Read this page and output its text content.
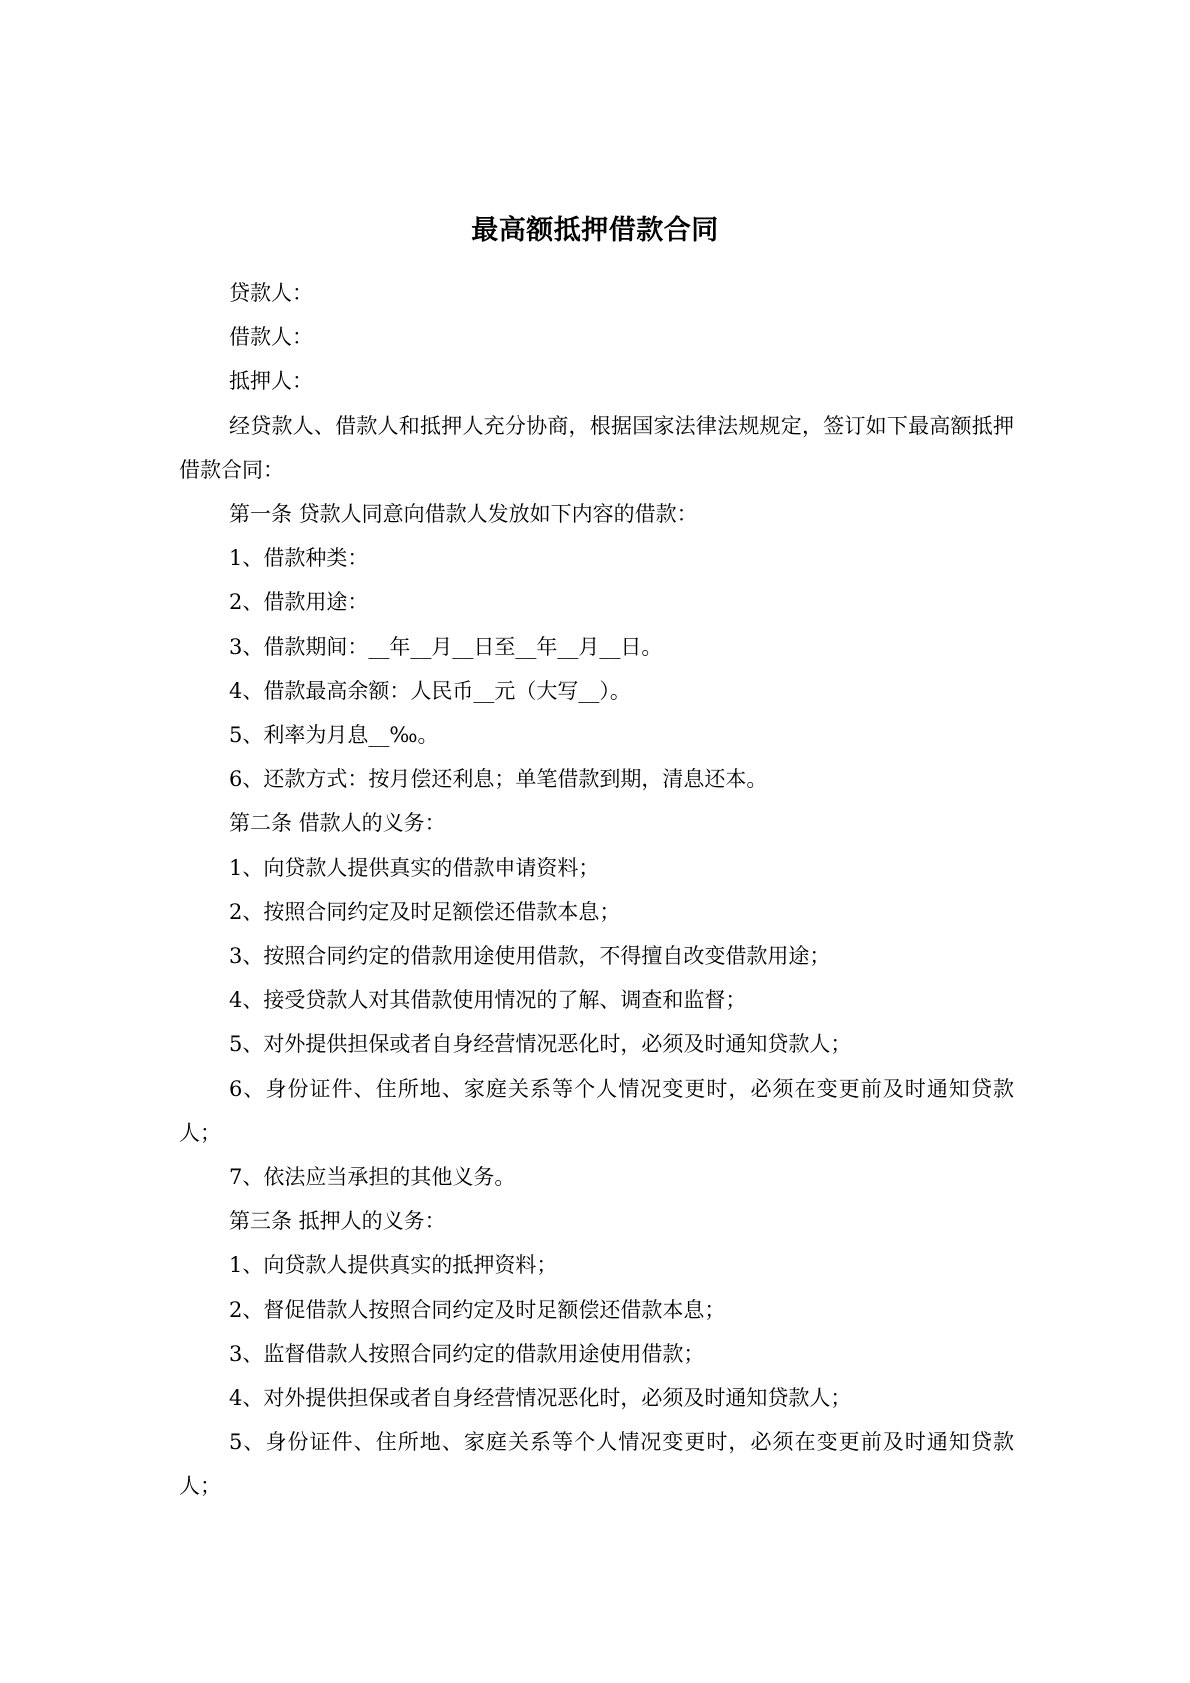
最高额抵押借款合同

贷款人：

借款人：

抵押人：

经贷款人、借款人和抵押人充分协商，根据国家法律法规规定，签订如下最高额抵押借款合同：

第一条 贷款人同意向借款人发放如下内容的借款：

1、借款种类：

2、借款用途：

3、借款期间：__年__月__日至__年__月__日。

4、借款最高余额：人民币__元（大写__）。

5、利率为月息__‰。

6、还款方式：按月偿还利息；单笔借款到期，清息还本。

第二条 借款人的义务：

1、向贷款人提供真实的借款申请资料；

2、按照合同约定及时足额偿还借款本息；

3、按照合同约定的借款用途使用借款，不得擅自改变借款用途；

4、接受贷款人对其借款使用情况的了解、调查和监督；

5、对外提供担保或者自身经营情况恶化时，必须及时通知贷款人；

6、身份证件、住所地、家庭关系等个人情况变更时，必须在变更前及时通知贷款人；

7、依法应当承担的其他义务。

第三条 抵押人的义务：

1、向贷款人提供真实的抵押资料；

2、督促借款人按照合同约定及时足额偿还借款本息；

3、监督借款人按照合同约定的借款用途使用借款；

4、对外提供担保或者自身经营情况恶化时，必须及时通知贷款人；

5、身份证件、住所地、家庭关系等个人情况变更时，必须在变更前及时通知贷款人；
